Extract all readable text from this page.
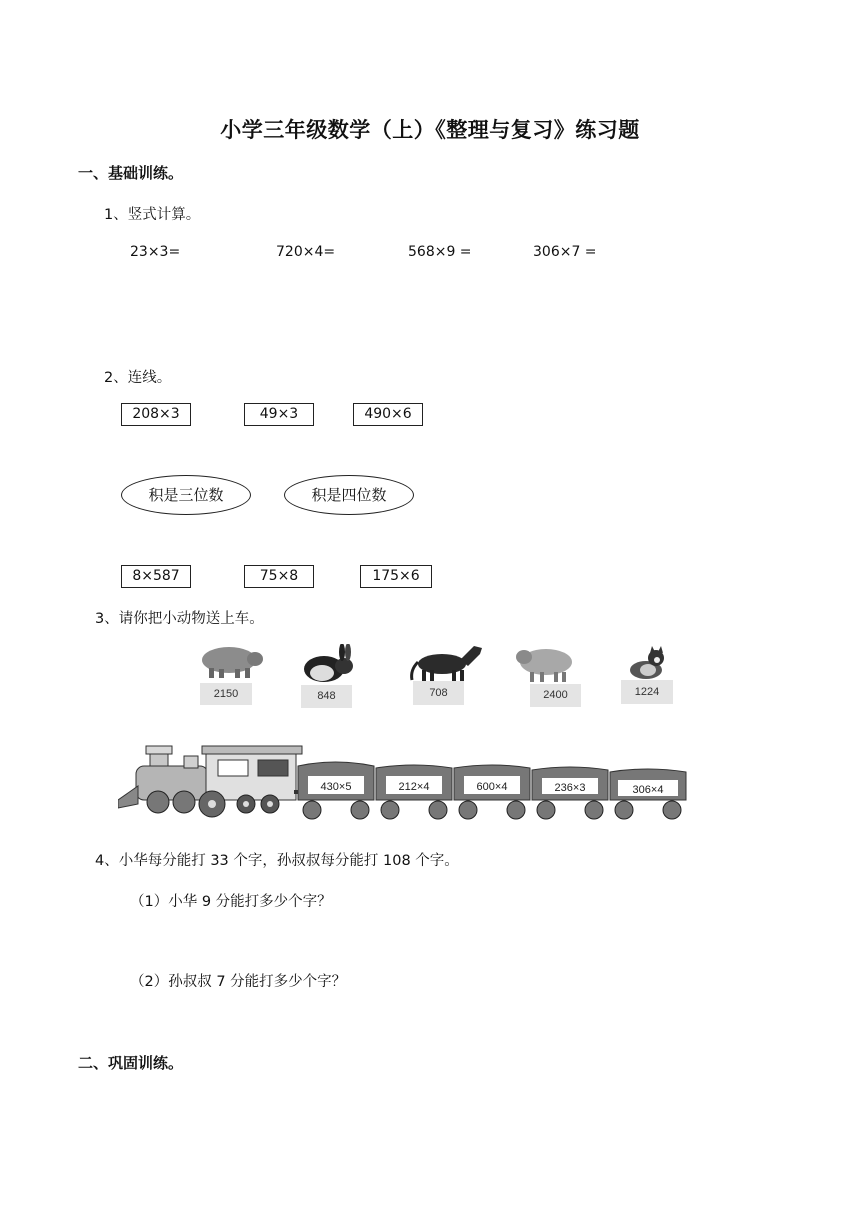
小学三年级数学（上）《整理与复习》练习题
一、基础训练。
1、竖式计算。
23×3=	720×4=	568×9 =	306×7 =
2、连线。
208×3	49×3	490×6
积是三位数	积是四位数
8×587	75×8	175×6
3、请你把小动物送上车。
2150	848	708	2400	1224
430×5	212×4	600×4	236×3	306×4
4、小华每分能打 33 个字，孙叔叔每分能打 108 个字。
（1）小华 9 分能打多少个字？
（2）孙叔叔 7 分能打多少个字？
二、巩固训练。
